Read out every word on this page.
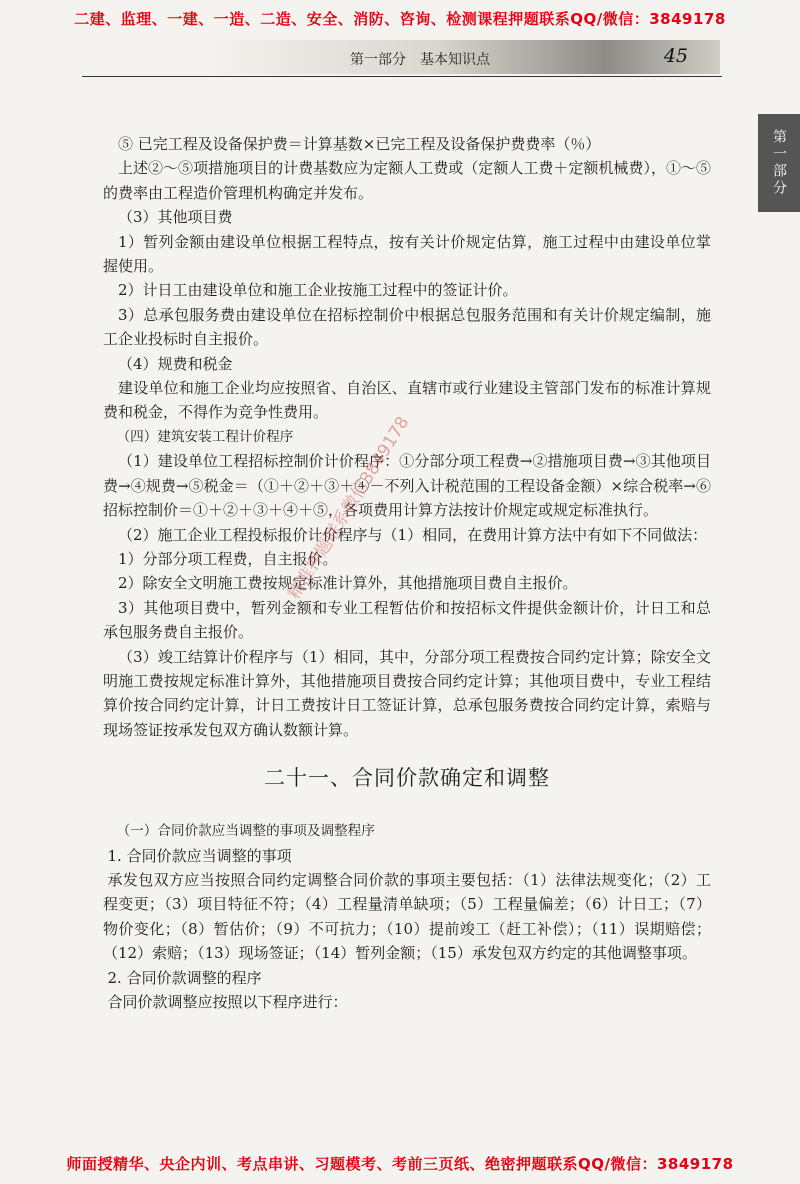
二建、监理、一建、一造、二造、安全、消防、咨询、检测课程押题联系QQ/微信：3849178
第一部分　基本知识点	45
第一部分

⑤ 已完工程及设备保护费＝计算基数×已完工程及设备保护费费率（％）

上述②～⑤项措施项目的计费基数应为定额人工费或（定额人工费＋定额机械费），①～⑤的费率由工程造价管理机构确定并发布。

（3）其他项目费

1）暂列金额由建设单位根据工程特点，按有关计价规定估算，施工过程中由建设单位掌握使用。

2）计日工由建设单位和施工企业按施工过程中的签证计价。

3）总承包服务费由建设单位在招标控制价中根据总包服务范围和有关计价规定编制，施工企业投标时自主报价。

（4）规费和税金

建设单位和施工企业均应按照省、自治区、直辖市或行业建设主管部门发布的标准计算规费和税金，不得作为竞争性费用。

（四）建筑安装工程计价程序

（1）建设单位工程招标控制价计价程序：①分部分项工程费→②措施项目费→③其他项目费→④规费→⑤税金＝（①＋②＋③＋④－不列入计税范围的工程设备金额）×综合税率→⑥招标控制价＝①＋②＋③＋④＋⑤，各项费用计算方法按计价规定或规定标准执行。

（2）施工企业工程投标报价计价程序与（1）相同，在费用计算方法中有如下不同做法：

1）分部分项工程费，自主报价。

2）除安全文明施工费按规定标准计算外，其他措施项目费自主报价。

3）其他项目费中，暂列金额和专业工程暂估价和按招标文件提供金额计价，计日工和总承包服务费自主报价。

（3）竣工结算计价程序与（1）相同，其中，分部分项工程费按合同约定计算；除安全文明施工费按规定标准计算外，其他措施项目费按合同约定计算；其他项目费中，专业工程结算价按合同约定计算，计日工费按计日工签证计算，总承包服务费按合同约定计算，索赔与现场签证按承发包双方确认数额计算。

二十一、合同价款确定和调整

（一）合同价款应当调整的事项及调整程序

1. 合同价款应当调整的事项

承发包双方应当按照合同约定调整合同价款的事项主要包括：（1）法律法规变化；（2）工程变更；（3）项目特征不符；（4）工程量清单缺项；（5）工程量偏差；（6）计日工；（7）物价变化；（8）暂估价；（9）不可抗力；（10）提前竣工（赶工补偿）；（11）误期赔偿；（12）索赔；（13）现场签证；（14）暂列金额；（15）承发包双方约定的其他调整事项。

2. 合同价款调整的程序

合同价款调整应按照以下程序进行：

精准押题联系微信3849178
师面授精华、央企内训、考点串讲、习题模考、考前三页纸、绝密押题联系QQ/微信：3849178
